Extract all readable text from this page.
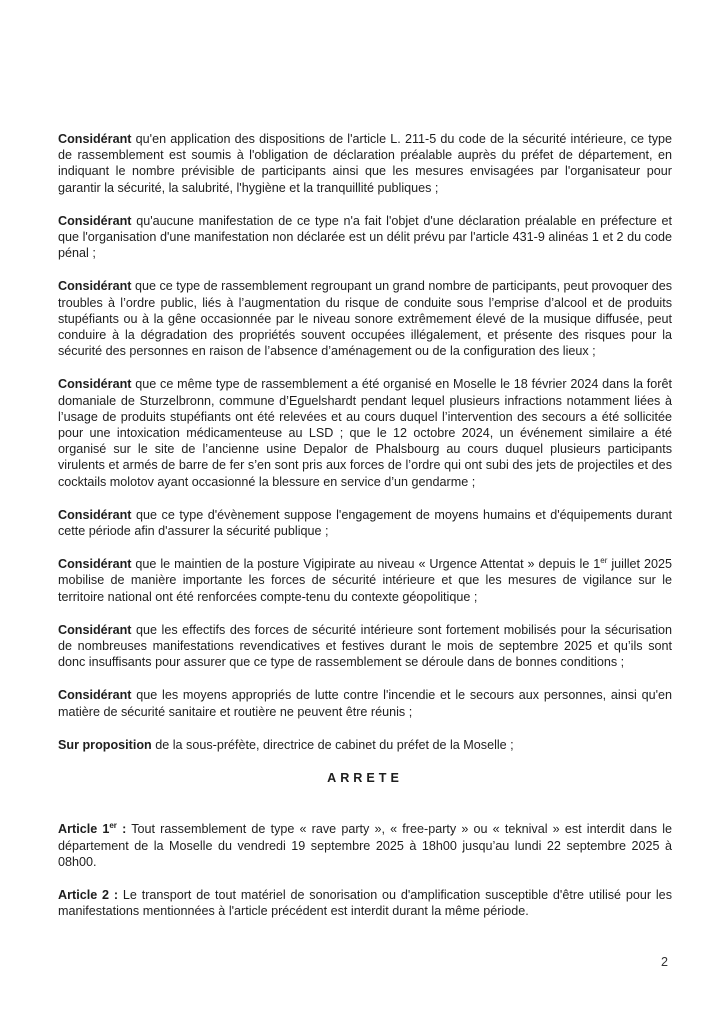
Considérant qu'en application des dispositions de l'article L. 211-5 du code de la sécurité intérieure, ce type de rassemblement est soumis à l'obligation de déclaration préalable auprès du préfet de département, en indiquant le nombre prévisible de participants ainsi que les mesures envisagées par l'organisateur pour garantir la sécurité, la salubrité, l'hygiène et la tranquillité publiques ;

Considérant qu'aucune manifestation de ce type n'a fait l'objet d'une déclaration préalable en préfecture et que l'organisation d'une manifestation non déclarée est un délit prévu par l'article 431-9 alinéas 1 et 2 du code pénal ;

Considérant que ce type de rassemblement regroupant un grand nombre de participants, peut provoquer des troubles à l’ordre public, liés à l’augmentation du risque de conduite sous l’emprise d’alcool et de produits stupéfiants ou à la gêne occasionnée par le niveau sonore extrêmement élevé de la musique diffusée, peut conduire à la dégradation des propriétés souvent occupées illégalement, et présente des risques pour la sécurité des personnes en raison de l’absence d’aménagement ou de la configuration des lieux ;

Considérant que ce même type de rassemblement a été organisé en Moselle le 18 février 2024 dans la forêt domaniale de Sturzelbronn, commune d’Eguelshardt pendant lequel plusieurs infractions notamment liées à l’usage de produits stupéfiants ont été relevées et au cours duquel l’intervention des secours a été sollicitée pour une intoxication médicamenteuse au LSD ; que le 12 octobre 2024, un événement similaire a été organisé sur le site de l’ancienne usine Depalor de Phalsbourg au cours duquel plusieurs participants virulents et armés de barre de fer s’en sont pris aux forces de l’ordre qui ont subi des jets de projectiles et des cocktails molotov ayant occasionné la blessure en service d’un gendarme ;

Considérant que ce type d'évènement suppose l'engagement de moyens humains et d'équipements durant cette période afin d'assurer la sécurité publique ;

Considérant que le maintien de la posture Vigipirate au niveau « Urgence Attentat » depuis le 1er juillet 2025 mobilise de manière importante les forces de sécurité intérieure et que les mesures de vigilance sur le territoire national ont été renforcées compte-tenu du contexte géopolitique ;

Considérant que les effectifs des forces de sécurité intérieure sont fortement mobilisés pour la sécurisation de nombreuses manifestations revendicatives et festives durant le mois de septembre 2025 et qu’ils sont donc insuffisants pour assurer que ce type de rassemblement se déroule dans de bonnes conditions ;

Considérant que les moyens appropriés de lutte contre l'incendie et le secours aux personnes, ainsi qu'en matière de sécurité sanitaire et routière ne peuvent être réunis ;

Sur proposition de la sous-préfète, directrice de cabinet du préfet de la Moselle ;

ARRETE

Article 1er : Tout rassemblement de type « rave party », « free-party » ou « teknival » est interdit dans le département de la Moselle du vendredi 19 septembre 2025 à 18h00 jusqu’au lundi 22 septembre 2025 à 08h00.

Article 2 : Le transport de tout matériel de sonorisation ou d'amplification susceptible d'être utilisé pour les manifestations mentionnées à l'article précédent est interdit durant la même période.

2
